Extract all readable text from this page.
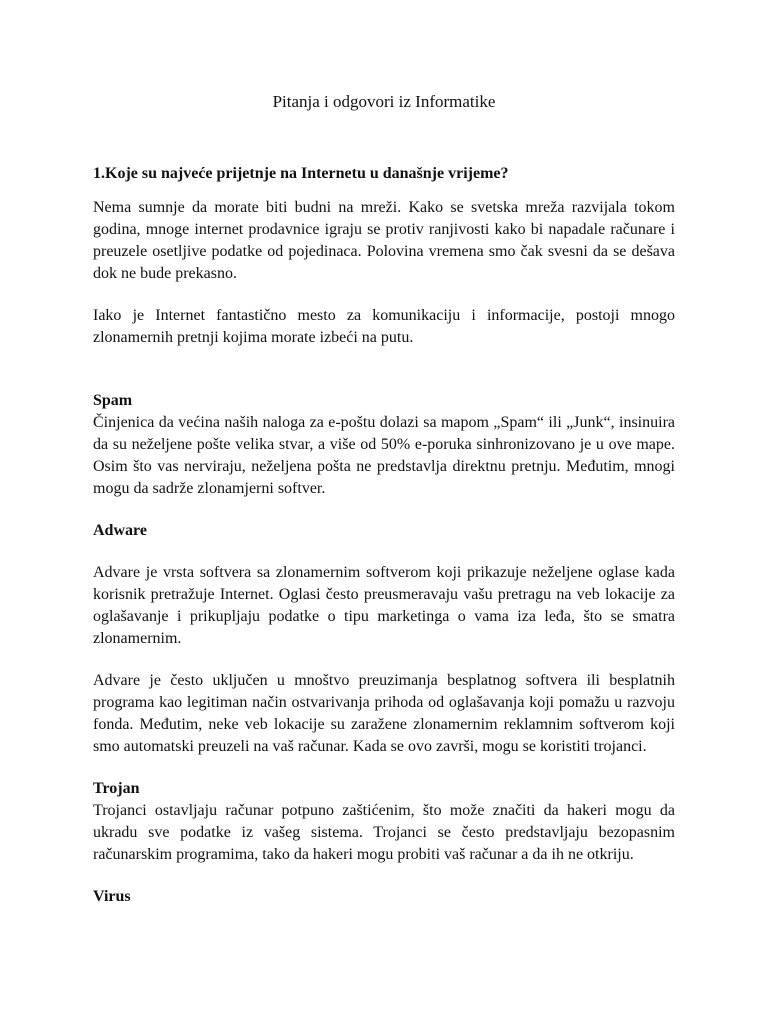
Pitanja i odgovori iz Informatike
1.Koje su najveće prijetnje na Internetu u današnje vrijeme?

Nema sumnje da morate biti budni na mreži. Kako se svetska mreža razvijala tokom godina, mnoge internet prodavnice igraju se protiv ranjivosti kako bi napadale računare i preuzele osetljive podatke od pojedinaca. Polovina vremena smo čak svesni da se dešava dok ne bude prekasno.

Iako je Internet fantastično mesto za komunikaciju i informacije, postoji mnogo zlonamernih pretnji kojima morate izbeći na putu.

Spam

Činjenica da većina naših naloga za e-poštu dolazi sa mapom „Spam“ ili „Junk“, insinuira da su neželjene pošte velika stvar, a više od 50% e-poruka sinhronizovano je u ove mape. Osim što vas nerviraju, neželjena pošta ne predstavlja direktnu pretnju. Međutim, mnogi mogu da sadrže zlonamjerni softver.

Adware

Advare je vrsta softvera sa zlonamernim softverom koji prikazuje neželjene oglase kada korisnik pretražuje Internet. Oglasi često preusmeravaju vašu pretragu na veb lokacije za oglašavanje i prikupljaju podatke o tipu marketinga o vama iza leđa, što se smatra zlonamernim.

Advare je često uključen u mnoštvo preuzimanja besplatnog softvera ili besplatnih programa kao legitiman način ostvarivanja prihoda od oglašavanja koji pomažu u razvoju fonda. Međutim, neke veb lokacije su zaražene zlonamernim reklamnim softverom koji smo automatski preuzeli na vaš računar. Kada se ovo završi, mogu se koristiti trojanci.

Trojan

Trojanci ostavljaju računar potpuno zaštićenim, što može značiti da hakeri mogu da ukradu sve podatke iz vašeg sistema. Trojanci se često predstavljaju bezopasnim računarskim programima, tako da hakeri mogu probiti vaš računar a da ih ne otkriju.

Virus
